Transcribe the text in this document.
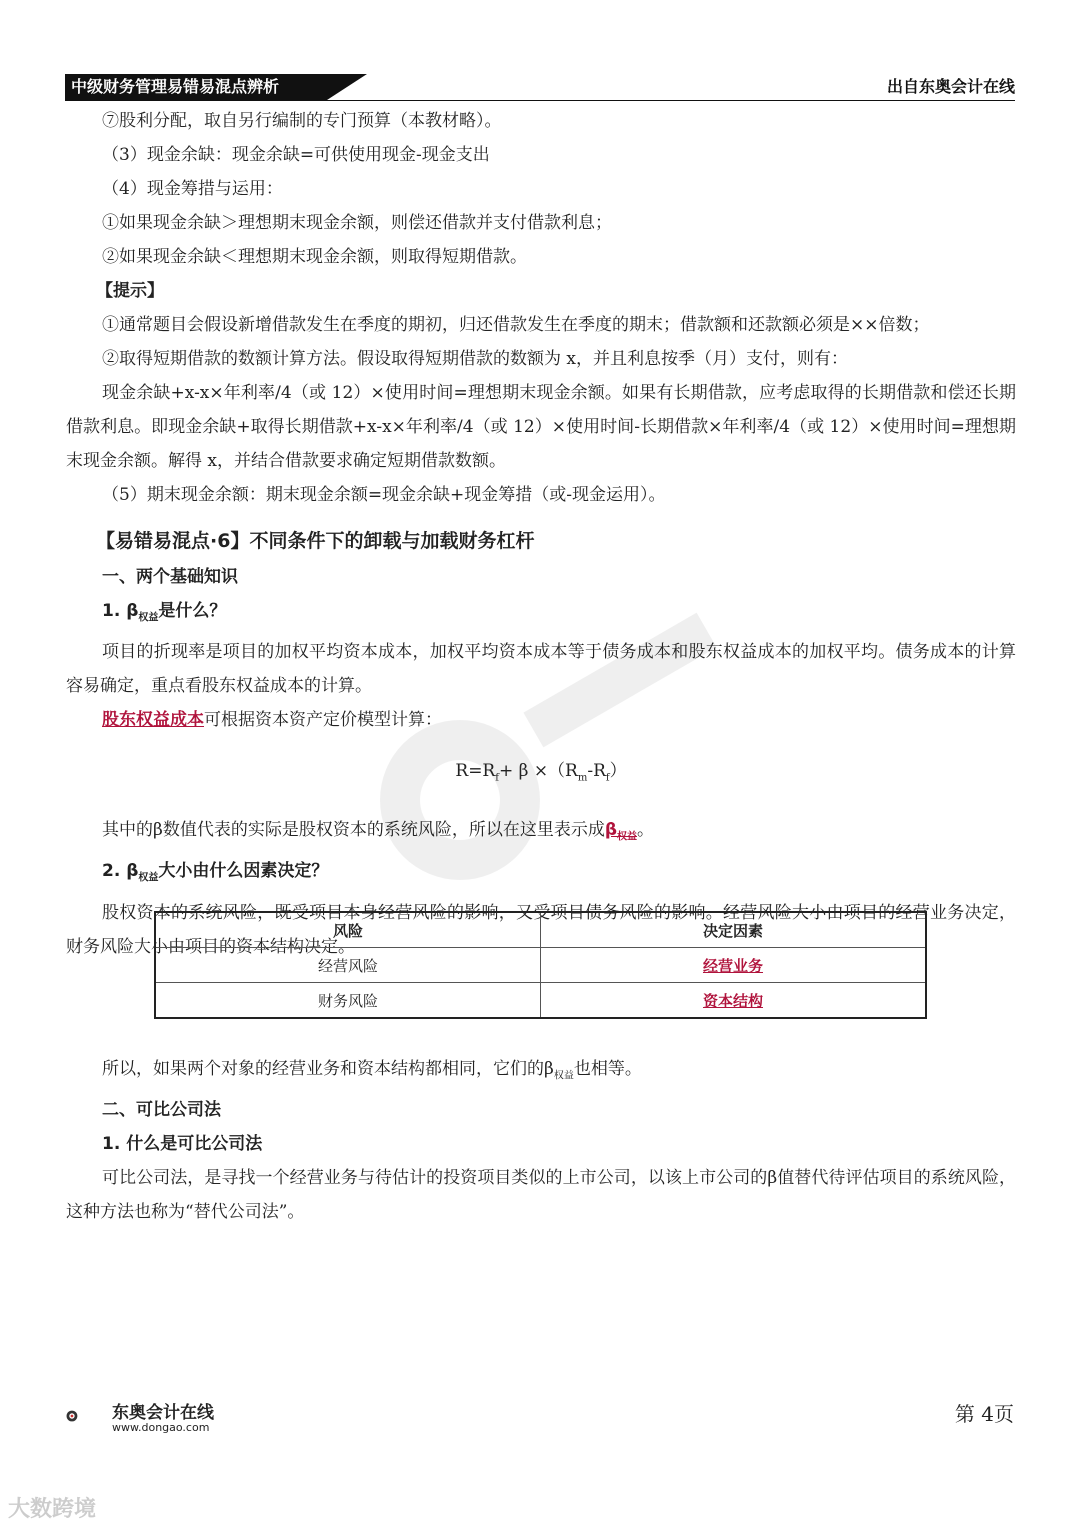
中级财务管理易错易混点辨析	出自东奥会计在线

⑦股利分配，取自另行编制的专门预算（本教材略）。

（3）现金余缺：现金余缺=可供使用现金-现金支出

（4）现金筹措与运用：

①如果现金余缺＞理想期末现金余额，则偿还借款并支付借款利息；

②如果现金余缺＜理想期末现金余额，则取得短期借款。

【提示】

①通常题目会假设新增借款发生在季度的期初，归还借款发生在季度的期末；借款额和还款额必须是××倍数；

②取得短期借款的数额计算方法。假设取得短期借款的数额为 x，并且利息按季（月）支付，则有：

现金余缺+x-x×年利率/4（或 12）×使用时间=理想期末现金余额。如果有长期借款，应考虑取得的长期借款和偿还长期借款利息。即现金余缺+取得长期借款+x-x×年利率/4（或 12）×使用时间-长期借款×年利率/4（或 12）×使用时间=理想期末现金余额。解得 x，并结合借款要求确定短期借款数额。

（5）期末现金余额：期末现金余额=现金余缺+现金筹措（或-现金运用）。

【易错易混点·6】不同条件下的卸载与加载财务杠杆

一、两个基础知识

1. $\beta_{权益}$是什么？

项目的折现率是项目的加权平均资本成本，加权平均资本成本等于债务成本和股东权益成本的加权平均。债务成本的计算容易确定，重点看股东权益成本的计算。

股东权益成本可根据资本资产定价模型计算：

$R=R_f+ \beta \times(R_m-R_f)$

其中的β数值代表的实际是股权资本的系统风险，所以在这里表示成$\beta_{权益}$。

2. $\beta_{权益}$大小由什么因素决定？

股权资本的系统风险，既受项目本身经营风险的影响，又受项目债务风险的影响。经营风险大小由项目的经营业务决定，财务风险大小由项目的资本结构决定。

风险	决定因素
经营风险	经营业务
财务风险	资本结构

所以，如果两个对象的经营业务和资本结构都相同，它们的$\beta_{权益}$也相等。

二、可比公司法

1. 什么是可比公司法

可比公司法，是寻找一个经营业务与待估计的投资项目类似的上市公司，以该上市公司的β值替代待评估项目的系统风险，这种方法也称为“替代公司法”。

东奥会计在线
www.dongao.com
第 4页
大数跨境
